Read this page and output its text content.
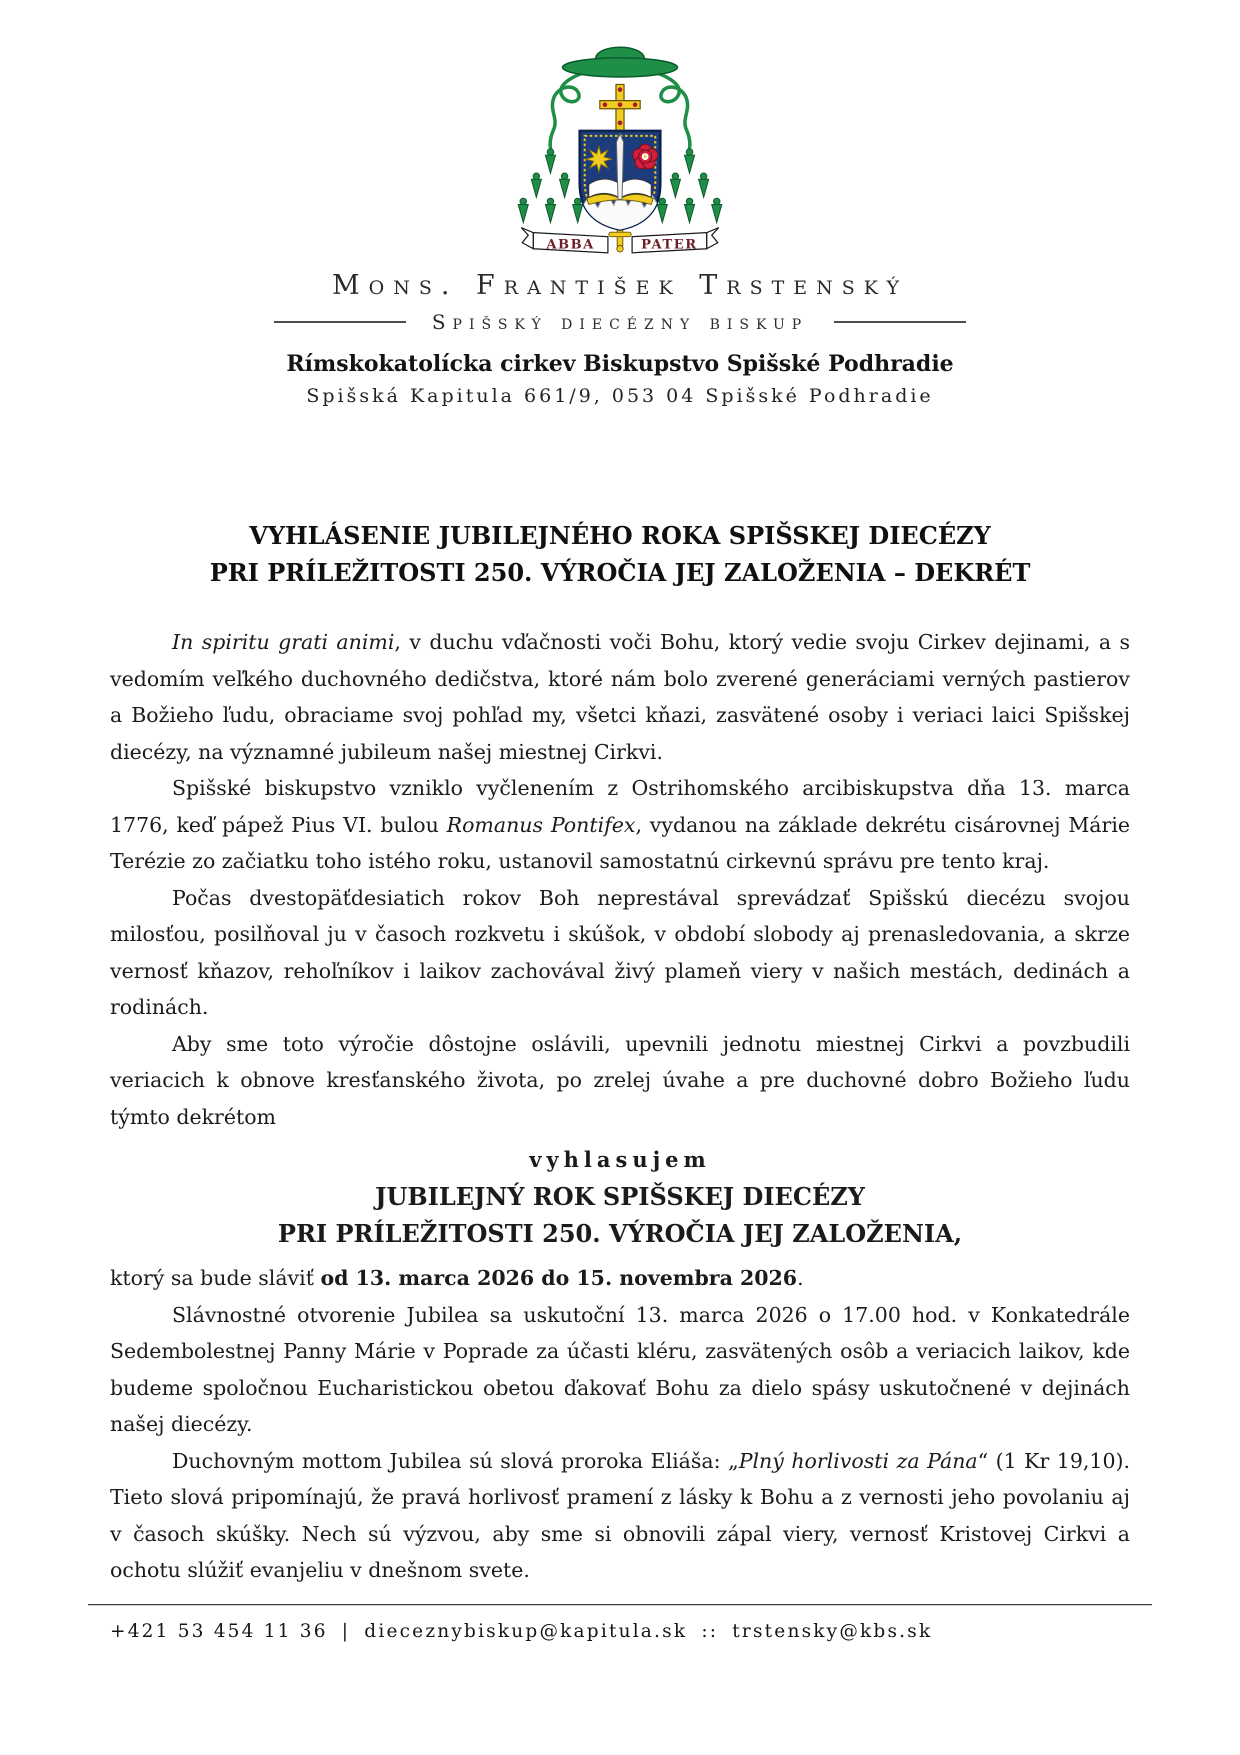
ABBA	PATER
Mons. František Trstenský
Spišský diecézny biskup
Rímskokatolícka cirkev Biskupstvo Spišské Podhradie
Spišská Kapitula 661/9, 053 04 Spišské Podhradie
VYHLÁSENIE JUBILEJNÉHO ROKA SPIŠSKEJ DIECÉZY
PRI PRÍLEŽITOSTI 250. VÝROČIA JEJ ZALOŽENIA – DEKRÉT

In spiritu grati animi, v duchu vďačnosti voči Bohu, ktorý vedie svoju Cirkev dejinami, a s vedomím veľkého duchovného dedičstva, ktoré nám bolo zverené generáciami verných pastierov a Božieho ľudu, obraciame svoj pohľad my, všetci kňazi, zasvätené osoby i veriaci laici Spišskej diecézy, na významné jubileum našej miestnej Cirkvi.

Spišské biskupstvo vzniklo vyčlenením z Ostrihomského arcibiskupstva dňa 13. marca 1776, keď pápež Pius VI. bulou Romanus Pontifex, vydanou na základe dekrétu cisárovnej Márie Terézie zo začiatku toho istého roku, ustanovil samostatnú cirkevnú správu pre tento kraj.

Počas dvestopäťdesiatich rokov Boh neprestával sprevádzať Spišskú diecézu svojou milosťou, posilňoval ju v časoch rozkvetu i skúšok, v období slobody aj prenasledovania, a skrze vernosť kňazov, rehoľníkov i laikov zachovával živý plameň viery v našich mestách, dedinách a rodinách.

Aby sme toto výročie dôstojne oslávili, upevnili jednotu miestnej Cirkvi a povzbudili veriacich k obnove kresťanského života, po zrelej úvahe a pre duchovné dobro Božieho ľudu týmto dekrétom

vyhlasujem
JUBILEJNÝ ROK SPIŠSKEJ DIECÉZY
PRI PRÍLEŽITOSTI 250. VÝROČIA JEJ ZALOŽENIA,

ktorý sa bude sláviť od 13. marca 2026 do 15. novembra 2026.

Slávnostné otvorenie Jubilea sa uskutoční 13. marca 2026 o 17.00 hod. v Konkatedrále Sedembolestnej Panny Márie v Poprade za účasti kléru, zasvätených osôb a veriacich laikov, kde budeme spoločnou Eucharistickou obetou ďakovať Bohu za dielo spásy uskutočnené v dejinách našej diecézy.

Duchovným mottom Jubilea sú slová proroka Eliáša: „Plný horlivosti za Pána“ (1 Kr 19,10). Tieto slová pripomínajú, že pravá horlivosť pramení z lásky k Bohu a z vernosti jeho povolaniu aj v časoch skúšky. Nech sú výzvou, aby sme si obnovili zápal viery, vernosť Kristovej Cirkvi a ochotu slúžiť evanjeliu v dnešnom svete.

+421 53 454 11 36 | dieceznybiskup@kapitula.sk :: trstensky@kbs.sk
